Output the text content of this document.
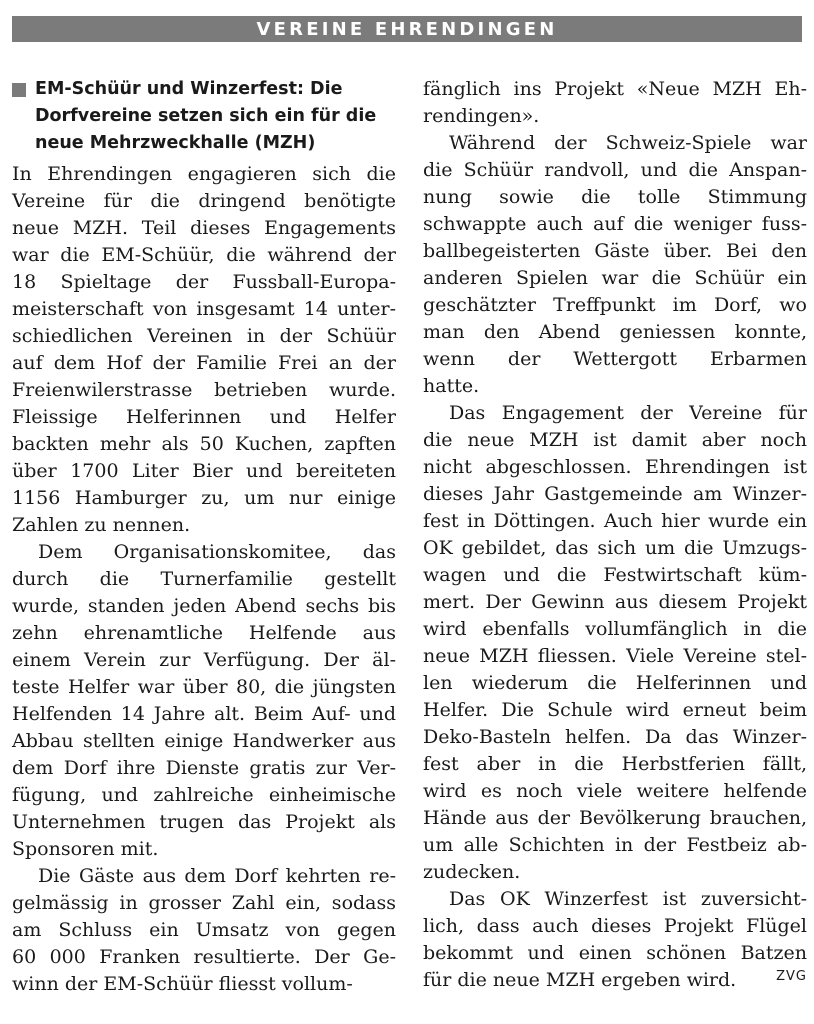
VEREINE EHRENDINGEN
EM-Schüür und Winzerfest: Die
Dorfvereine setzen sich ein für die
neue Mehrzweckhalle (MZH)
In Ehrendingen engagieren sich die
Vereine für die dringend benötigte
neue MZH. Teil dieses Engagements
war die EM-Schüür, die während der
18 Spieltage der Fussball-Europa-
meisterschaft von insgesamt 14 unter-
schiedlichen Vereinen in der Schüür
auf dem Hof der Familie Frei an der
Freienwilerstrasse betrieben wurde.
Fleissige Helferinnen und Helfer
backten mehr als 50 Kuchen, zapften
über 1700 Liter Bier und bereiteten
1156 Hamburger zu, um nur einige
Zahlen zu nennen.
Dem Organisationskomitee, das
durch die Turnerfamilie gestellt
wurde, standen jeden Abend sechs bis
zehn ehrenamtliche Helfende aus
einem Verein zur Verfügung. Der äl-
teste Helfer war über 80, die jüngsten
Helfenden 14 Jahre alt. Beim Auf- und
Abbau stellten einige Handwerker aus
dem Dorf ihre Dienste gratis zur Ver-
fügung, und zahlreiche einheimische
Unternehmen trugen das Projekt als
Sponsoren mit.
Die Gäste aus dem Dorf kehrten re-
gelmässig in grosser Zahl ein, sodass
am Schluss ein Umsatz von gegen
60 000 Franken resultierte. Der Ge-
winn der EM-Schüür fliesst vollum-
fänglich ins Projekt «Neue MZH Eh-
rendingen».
Während der Schweiz-Spiele war
die Schüür randvoll, und die Anspan-
nung sowie die tolle Stimmung
schwappte auch auf die weniger fuss-
ballbegeisterten Gäste über. Bei den
anderen Spielen war die Schüür ein
geschätzter Treffpunkt im Dorf, wo
man den Abend geniessen konnte,
wenn der Wettergott Erbarmen
hatte.
Das Engagement der Vereine für
die neue MZH ist damit aber noch
nicht abgeschlossen. Ehrendingen ist
dieses Jahr Gastgemeinde am Winzer-
fest in Döttingen. Auch hier wurde ein
OK gebildet, das sich um die Umzugs-
wagen und die Festwirtschaft küm-
mert. Der Gewinn aus diesem Projekt
wird ebenfalls vollumfänglich in die
neue MZH fliessen. Viele Vereine stel-
len wiederum die Helferinnen und
Helfer. Die Schule wird erneut beim
Deko-Basteln helfen. Da das Winzer-
fest aber in die Herbstferien fällt,
wird es noch viele weitere helfende
Hände aus der Bevölkerung brauchen,
um alle Schichten in der Festbeiz ab-
zudecken.
Das OK Winzerfest ist zuversicht-
lich, dass auch dieses Projekt Flügel
bekommt und einen schönen Batzen
für die neue MZH ergeben wird.	ZVG
